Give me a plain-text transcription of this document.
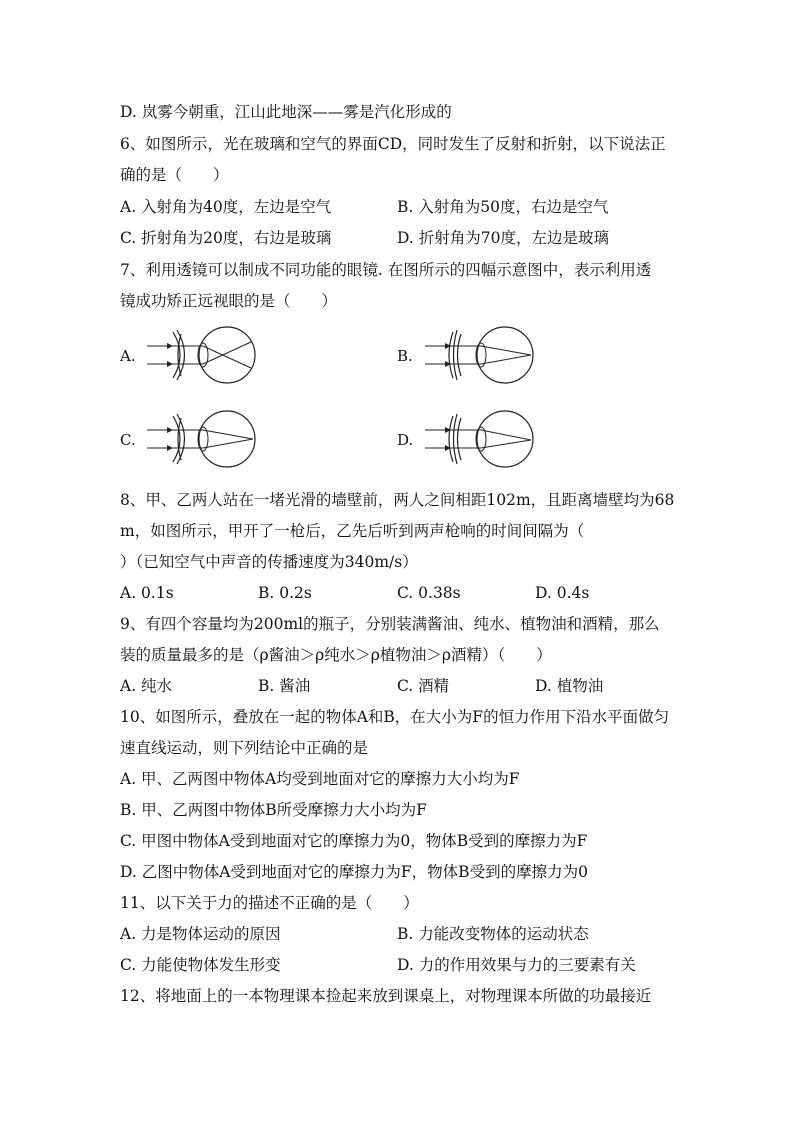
D. 岚雾今朝重，江山此地深——雾是汽化形成的
6、如图所示，光在玻璃和空气的界面CD，同时发生了反射和折射，以下说法正
确的是（　　）
A. 入射角为40度，左边是空气	B. 入射角为50度，右边是空气
C. 折射角为20度，右边是玻璃	D. 折射角为70度，左边是玻璃
7、利用透镜可以制成不同功能的眼镜. 在图所示的四幅示意图中，表示利用透
镜成功矫正远视眼的是（　　）
A.	B.
C.	D.
8、甲、乙两人站在一堵光滑的墙壁前，两人之间相距102m，且距离墙壁均为68
m，如图所示，甲开了一枪后，乙先后听到两声枪响的时间间隔为（
）（已知空气中声音的传播速度为340m/s）
A. 0.1s	B. 0.2s	C. 0.38s	D. 0.4s
9、有四个容量均为200ml的瓶子，分别装满酱油、纯水、植物油和酒精，那么
装的质量最多的是（ρ酱油＞ρ纯水＞ρ植物油＞ρ酒精）（　　）
A. 纯水	B. 酱油	C. 酒精	D. 植物油
10、如图所示，叠放在一起的物体A和B，在大小为F的恒力作用下沿水平面做匀
速直线运动，则下列结论中正确的是
A. 甲、乙两图中物体A均受到地面对它的摩擦力大小均为F
B. 甲、乙两图中物体B所受摩擦力大小均为F
C. 甲图中物体A受到地面对它的摩擦力为0，物体B受到的摩擦力为F
D. 乙图中物体A受到地面对它的摩擦力为F，物体B受到的摩擦力为0
11、以下关于力的描述不正确的是（　　）
A. 力是物体运动的原因	B. 力能改变物体的运动状态
C. 力能使物体发生形变	D. 力的作用效果与力的三要素有关
12、将地面上的一本物理课本捡起来放到课桌上，对物理课本所做的功最接近
